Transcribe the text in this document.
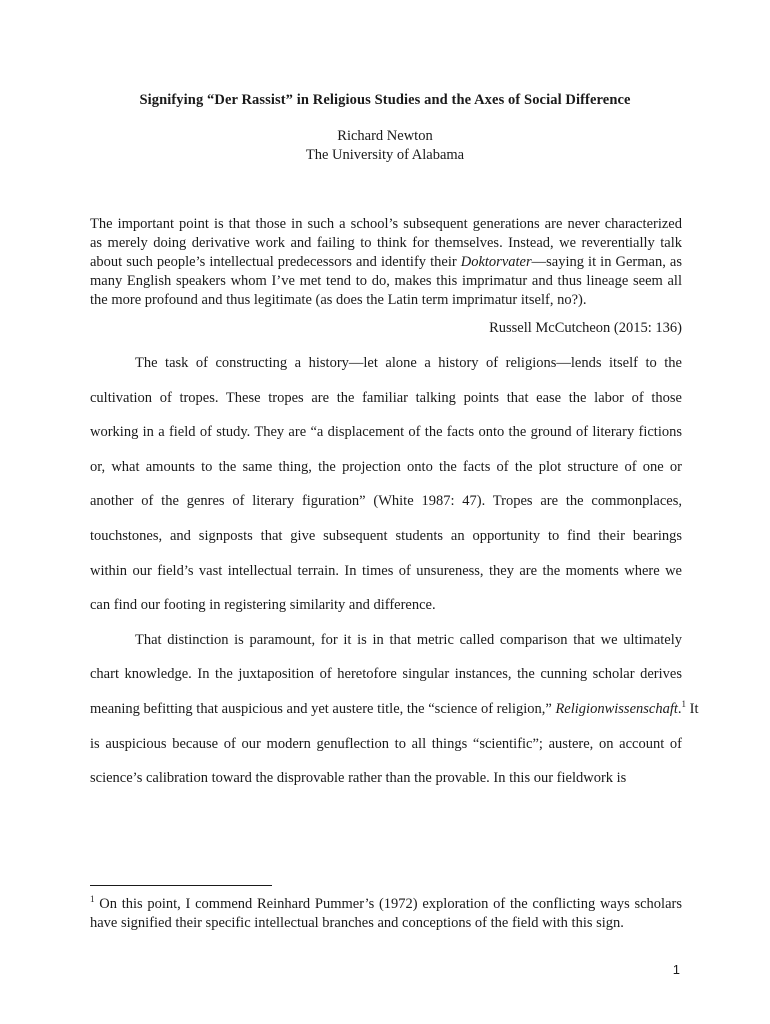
Signifying “Der Rassist” in Religious Studies and the Axes of Social Difference
Richard Newton
The University of Alabama
The important point is that those in such a school’s subsequent generations are never characterized
as merely doing derivative work and failing to think for themselves. Instead, we reverentially talk
about such people’s intellectual predecessors and identify their Doktorvater—saying it in German, as
many English speakers whom I’ve met tend to do, makes this imprimatur and thus lineage seem all
the more profound and thus legitimate (as does the Latin term imprimatur itself, no?).
Russell McCutcheon (2015: 136)
The task of constructing a history—let alone a history of religions—lends itself to the
cultivation of tropes. These tropes are the familiar talking points that ease the labor of those
working in a field of study. They are “a displacement of the facts onto the ground of literary fictions
or, what amounts to the same thing, the projection onto the facts of the plot structure of one or
another of the genres of literary figuration” (White 1987: 47). Tropes are the commonplaces,
touchstones, and signposts that give subsequent students an opportunity to find their bearings
within our field’s vast intellectual terrain. In times of unsureness, they are the moments where we
can find our footing in registering similarity and difference.
That distinction is paramount, for it is in that metric called comparison that we ultimately
chart knowledge. In the juxtaposition of heretofore singular instances, the cunning scholar derives
meaning befitting that auspicious and yet austere title, the “science of religion,” Religionwissenschaft.$^1$ It
is auspicious because of our modern genuflection to all things “scientific”; austere, on account of
science’s calibration toward the disprovable rather than the provable. In this our fieldwork is
$^1$ On this point, I commend Reinhard Pummer’s (1972) exploration of the conflicting ways scholars
have signified their specific intellectual branches and conceptions of the field with this sign.
1
